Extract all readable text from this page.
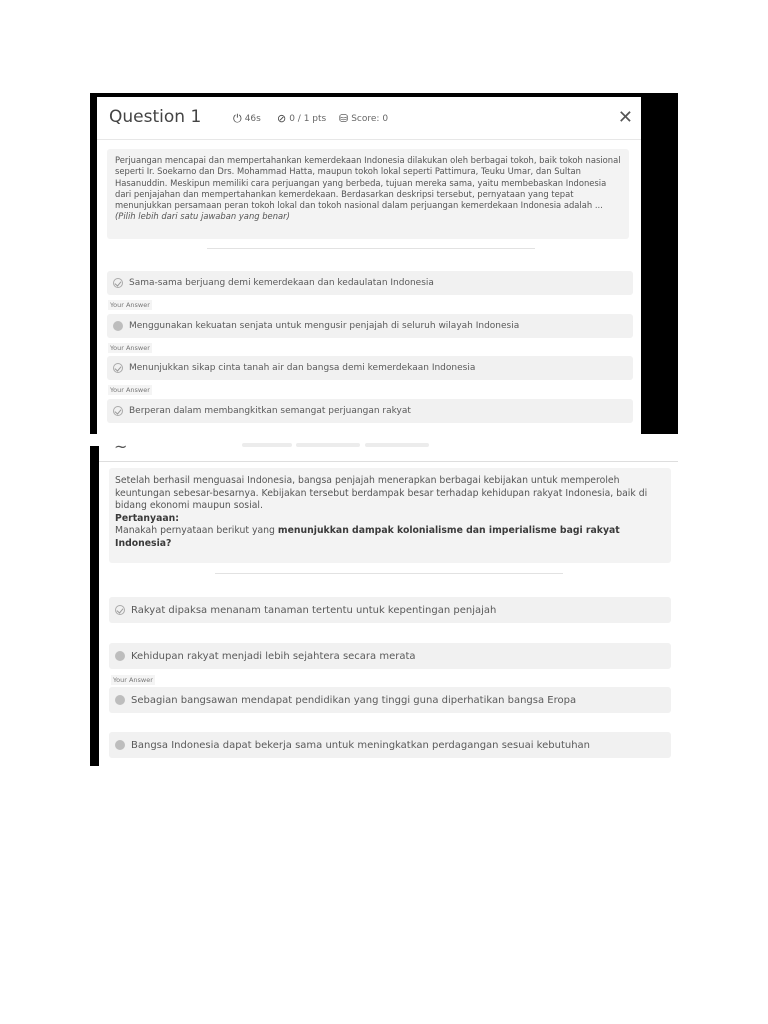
Question 1	⏻ 46s ⊘ 0 / 1 pts ⛁ Score: 0	✕
Perjuangan mencapai dan mempertahankan kemerdekaan Indonesia dilakukan oleh berbagai tokoh, baik tokoh nasional seperti Ir. Soekarno dan Drs. Mohammad Hatta, maupun tokoh lokal seperti Pattimura, Teuku Umar, dan Sultan Hasanuddin. Meskipun memiliki cara perjuangan yang berbeda, tujuan mereka sama, yaitu membebaskan Indonesia dari penjajahan dan mempertahankan kemerdekaan. Berdasarkan deskripsi tersebut, pernyataan yang tepat menunjukkan persamaan peran tokoh lokal dan tokoh nasional dalam perjuangan kemerdekaan Indonesia adalah ... (Pilih lebih dari satu jawaban yang benar)
Sama-sama berjuang demi kemerdekaan dan kedaulatan Indonesia
Your Answer
Menggunakan kekuatan senjata untuk mengusir penjajah di seluruh wilayah Indonesia
Your Answer
Menunjukkan sikap cinta tanah air dan bangsa demi kemerdekaan Indonesia
Your Answer
Berperan dalam membangkitkan semangat perjuangan rakyat
~
Setelah berhasil menguasai Indonesia, bangsa penjajah menerapkan berbagai kebijakan untuk memperoleh keuntungan sebesar-besarnya. Kebijakan tersebut berdampak besar terhadap kehidupan rakyat Indonesia, baik di bidang ekonomi maupun sosial.
Pertanyaan:
Manakah pernyataan berikut yang menunjukkan dampak kolonialisme dan imperialisme bagi rakyat Indonesia?
Rakyat dipaksa menanam tanaman tertentu untuk kepentingan penjajah
Kehidupan rakyat menjadi lebih sejahtera secara merata
Your Answer
Sebagian bangsawan mendapat pendidikan yang tinggi guna diperhatikan bangsa Eropa
Bangsa Indonesia dapat bekerja sama untuk meningkatkan perdagangan sesuai kebutuhan
